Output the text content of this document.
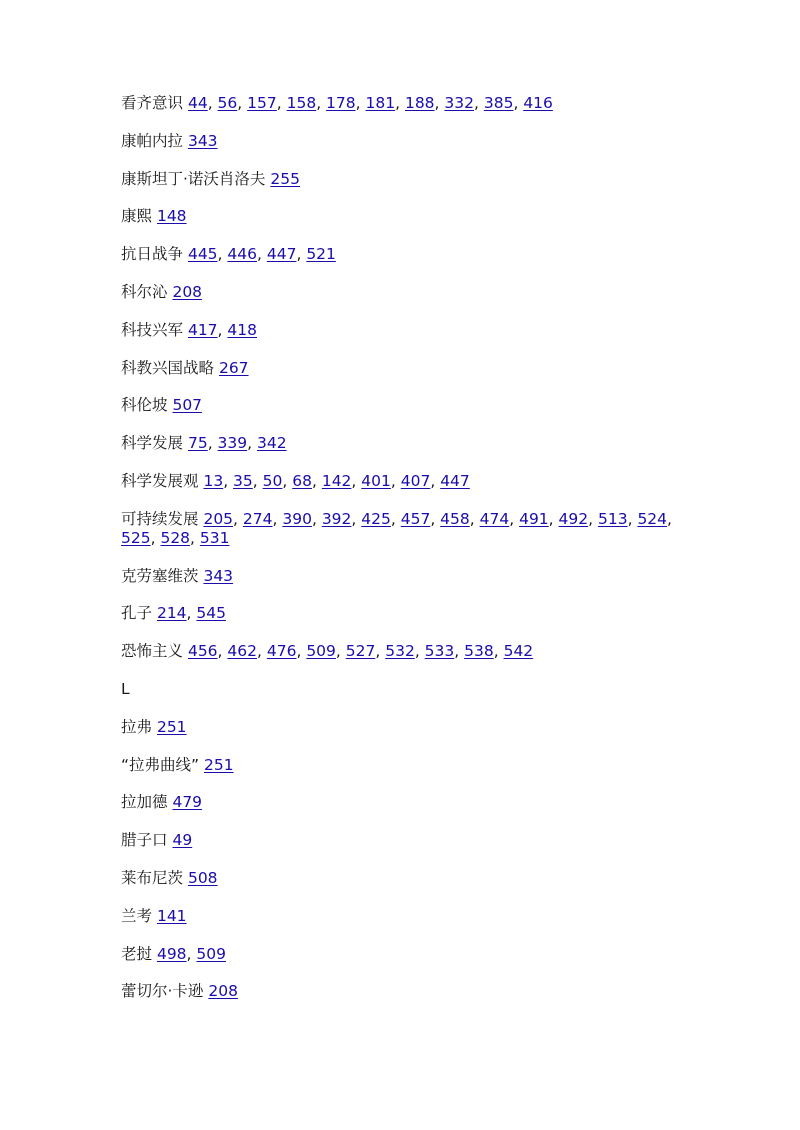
看齐意识 44, 56, 157, 158, 178, 181, 188, 332, 385, 416
康帕内拉 343
康斯坦丁·诺沃肖洛夫 255
康熙 148
抗日战争 445, 446, 447, 521
科尔沁 208
科技兴军 417, 418
科教兴国战略 267
科伦坡 507
科学发展 75, 339, 342
科学发展观 13, 35, 50, 68, 142, 401, 407, 447
可持续发展 205, 274, 390, 392, 425, 457, 458, 474, 491, 492, 513, 524, 525, 528, 531
克劳塞维茨 343
孔子 214, 545
恐怖主义 456, 462, 476, 509, 527, 532, 533, 538, 542
L
拉弗 251
“拉弗曲线” 251
拉加德 479
腊子口 49
莱布尼茨 508
兰考 141
老挝 498, 509
蕾切尔·卡逊 208
